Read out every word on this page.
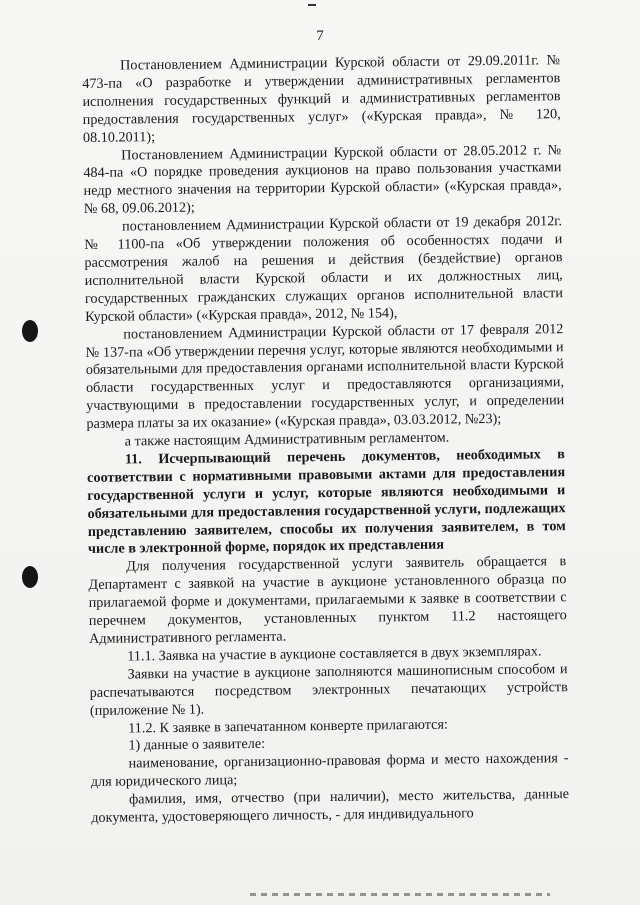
7

Постановлением Администрации Курской области от 29.09.2011г. № 473-па «О разработке и утверждении административных регламентов исполнения государственных функций и административных регламентов предоставления государственных услуг» («Курская правда», № 120, 08.10.2011);

Постановлением Администрации Курской области от 28.05.2012 г. № 484-па «О порядке проведения аукционов на право пользования участками недр местного значения на территории Курской области» («Курская правда», № 68, 09.06.2012);

постановлением Администрации Курской области от 19 декабря 2012г. № 1100-па «Об утверждении положения об особенностях подачи и рассмотрения жалоб на решения и действия (бездействие) органов исполнительной власти Курской области и их должностных лиц, государственных гражданских служащих органов исполнительной власти Курской области» («Курская правда», 2012, № 154),

постановлением Администрации Курской области от 17 февраля 2012 № 137-па «Об утверждении перечня услуг, которые являются необходимыми и обязательными для предоставления органами исполнительной власти Курской области государственных услуг и предоставляются организациями, участвующими в предоставлении государственных услуг, и определении размера платы за их оказание» («Курская правда», 03.03.2012, №23);

а также настоящим Административным регламентом.

11. Исчерпывающий перечень документов, необходимых в соответствии с нормативными правовыми актами для предоставления государственной услуги и услуг, которые являются необходимыми и обязательными для предоставления государственной услуги, подлежащих представлению заявителем, способы их получения заявителем, в том числе в электронной форме, порядок их представления

Для получения государственной услуги заявитель обращается в Департамент с заявкой на участие в аукционе установленного образца по прилагаемой форме и документами, прилагаемыми к заявке в соответствии с перечнем документов, установленных пунктом 11.2 настоящего Административного регламента.

11.1. Заявка на участие в аукционе составляется в двух экземплярах.

Заявки на участие в аукционе заполняются машинописным способом и распечатываются посредством электронных печатающих устройств (приложение № 1).

11.2. К заявке в запечатанном конверте прилагаются:

1) данные о заявителе:

наименование, организационно-правовая форма и место нахождения - для юридического лица;

фамилия, имя, отчество (при наличии), место жительства, данные документа, удостоверяющего личность, - для индивидуального
